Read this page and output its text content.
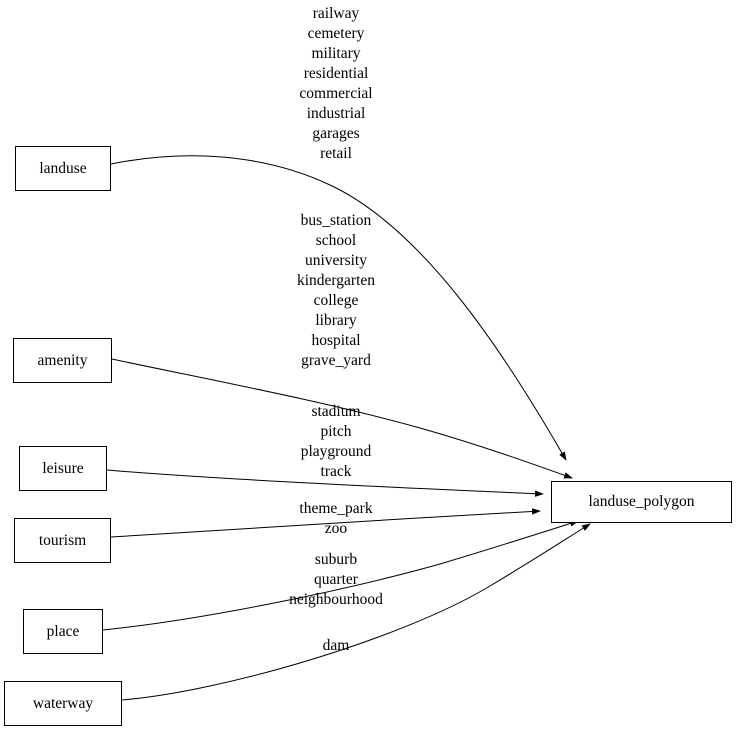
landuse
amenity
leisure
tourism
place
waterway
landuse_polygon
railway
cemetery
military
residential
commercial
industrial
garages
retail
bus_station
school
university
kindergarten
college
library
hospital
grave_yard
stadium
pitch
playground
track
theme_park
zoo
suburb
quarter
neighbourhood
dam
